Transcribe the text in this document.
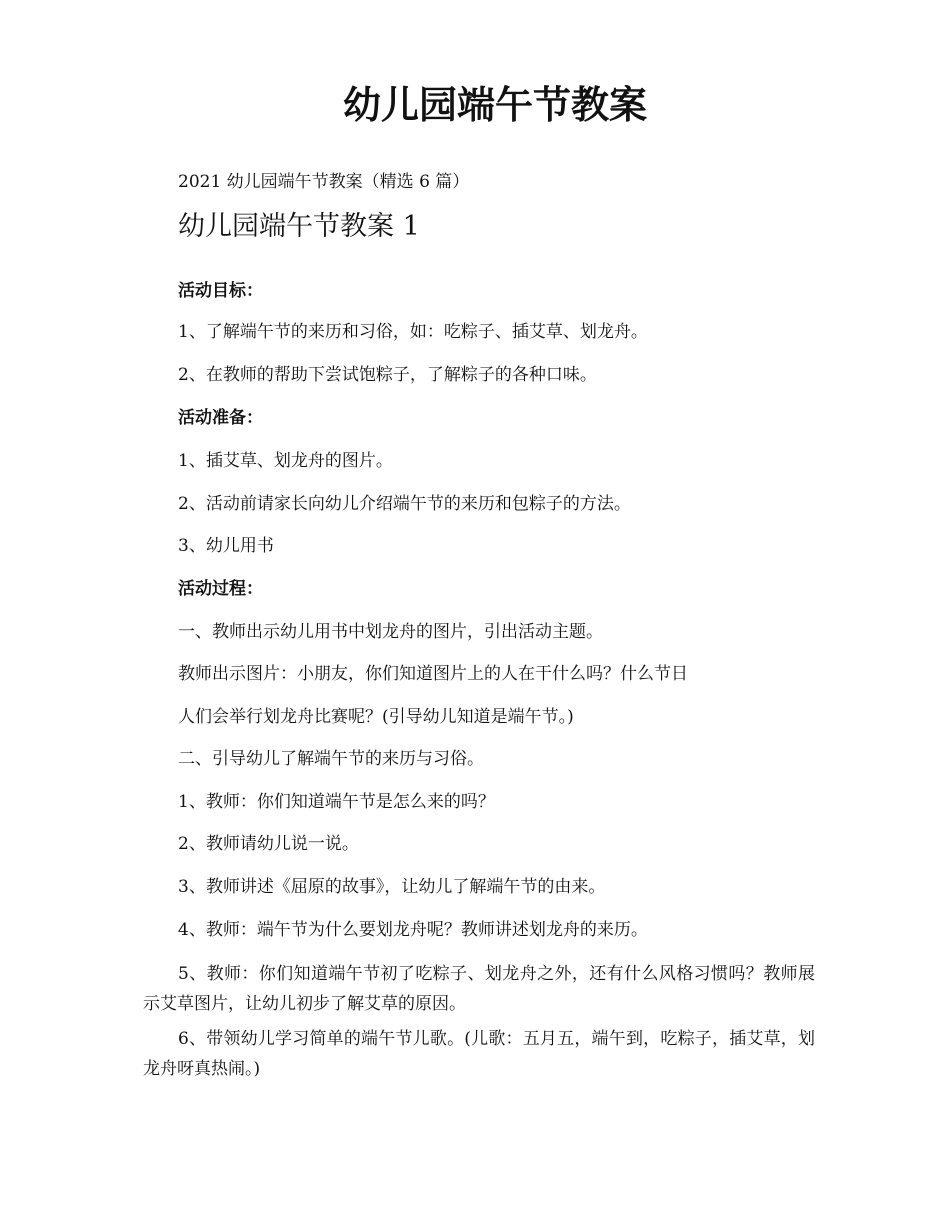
幼儿园端午节教案

2021 幼儿园端午节教案（精选 6 篇）

幼儿园端午节教案 1

活动目标：

1、了解端午节的来历和习俗，如：吃粽子、插艾草、划龙舟。

2、在教师的帮助下尝试饱粽子，了解粽子的各种口味。

活动准备：

1、插艾草、划龙舟的图片。

2、活动前请家长向幼儿介绍端午节的来历和包粽子的方法。

3、幼儿用书

活动过程：

一、教师出示幼儿用书中划龙舟的图片，引出活动主题。

教师出示图片：小朋友，你们知道图片上的人在干什么吗？什么节日

人们会举行划龙舟比赛呢？(引导幼儿知道是端午节。)

二、引导幼儿了解端午节的来历与习俗。

1、教师：你们知道端午节是怎么来的吗？

2、教师请幼儿说一说。

3、教师讲述《屈原的故事》，让幼儿了解端午节的由来。

4、教师：端午节为什么要划龙舟呢？教师讲述划龙舟的来历。

5、教师：你们知道端午节初了吃粽子、划龙舟之外，还有什么风格习惯吗？教师展示艾草图片，让幼儿初步了解艾草的原因。

6、带领幼儿学习简单的端午节儿歌。(儿歌：五月五，端午到，吃粽子，插艾草，划龙舟呀真热闹。)
